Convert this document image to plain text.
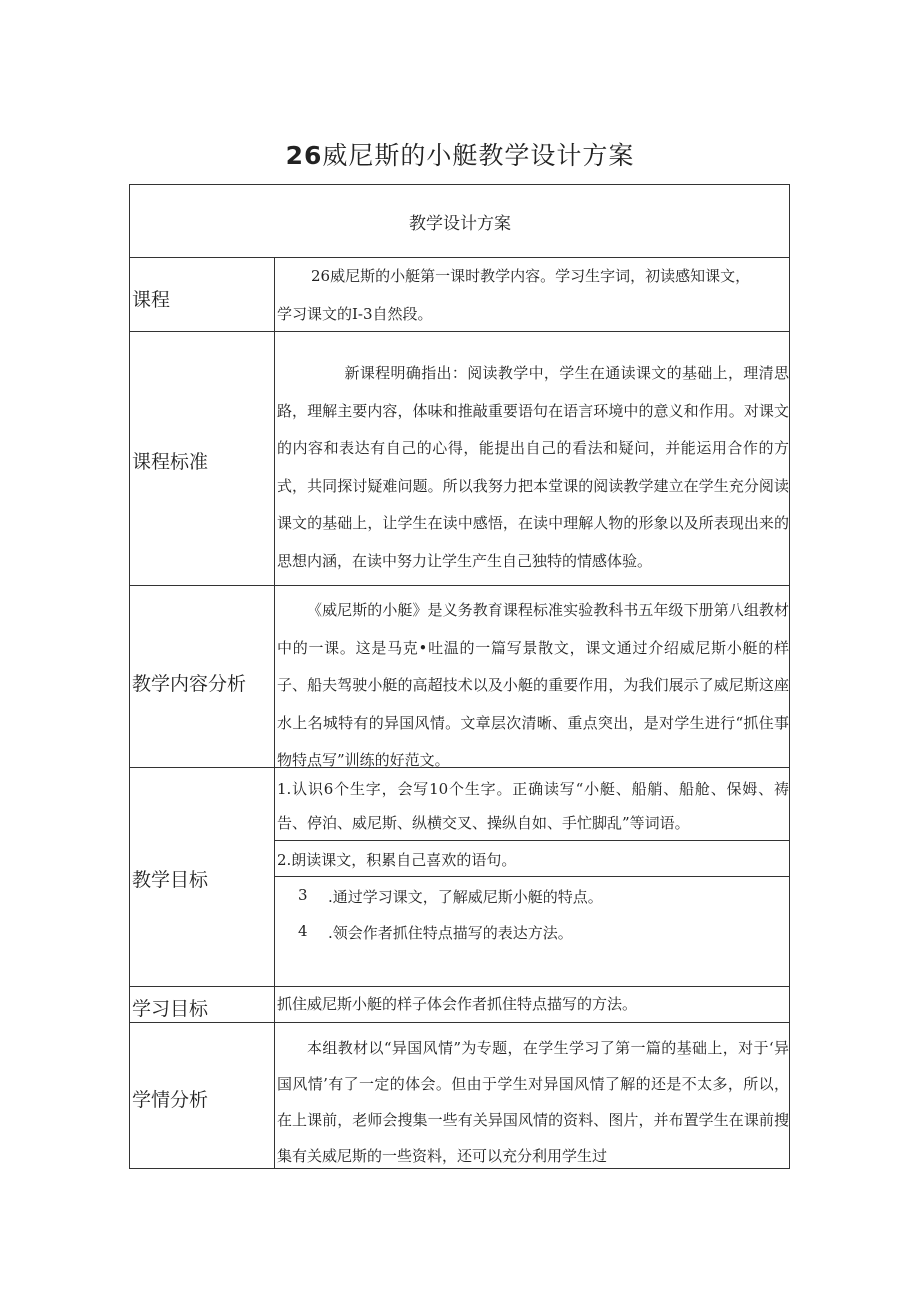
26威尼斯的小艇教学设计方案
教学设计方案
课程

26威尼斯的小艇第一课时教学内容。学习生字词，初读感知课文，

学习课文的I-3自然段。

课程标准

新课程明确指出：阅读教学中，学生在通读课文的基础上，理清思路，理解主要内容，体味和推敲重要语句在语言环境中的意义和作用。对课文的内容和表达有自己的心得，能提出自己的看法和疑问，并能运用合作的方式，共同探讨疑难问题。所以我努力把本堂课的阅读教学建立在学生充分阅读课文的基础上，让学生在读中感悟，在读中理解人物的形象以及所表现出来的思想内涵，在读中努力让学生产生自己独特的情感体验。

教学内容分析

《威尼斯的小艇》是义务教育课程标准实验教科书五年级下册第八组教材中的一课。这是马克•吐温的一篇写景散文，课文通过介绍威尼斯小艇的样子、船夫驾驶小艇的高超技术以及小艇的重要作用，为我们展示了威尼斯这座水上名城特有的异国风情。文章层次清晰、重点突出，是对学生进行“抓住事物特点写”训练的好范文。

教学目标
1.认识6个生字，会写10个生字。正确读写“小艇、船艄、船舱、保姆、祷告、停泊、威尼斯、纵横交叉、操纵自如、手忙脚乱”等词语。
2.朗读课文，积累自己喜欢的语句。
3 .通过学习课文，了解威尼斯小艇的特点。
4 .领会作者抓住特点描写的表达方法。
学习目标	抓住威尼斯小艇的样子体会作者抓住特点描写的方法。
学情分析

本组教材以“异国风情”为专题，在学生学习了第一篇的基础上，对于‘异国风情’有了一定的体会。但由于学生对异国风情了解的还是不太多，所以，在上课前，老师会搜集一些有关异国风情的资料、图片，并布置学生在课前搜集有关威尼斯的一些资料，还可以充分利用学生过
